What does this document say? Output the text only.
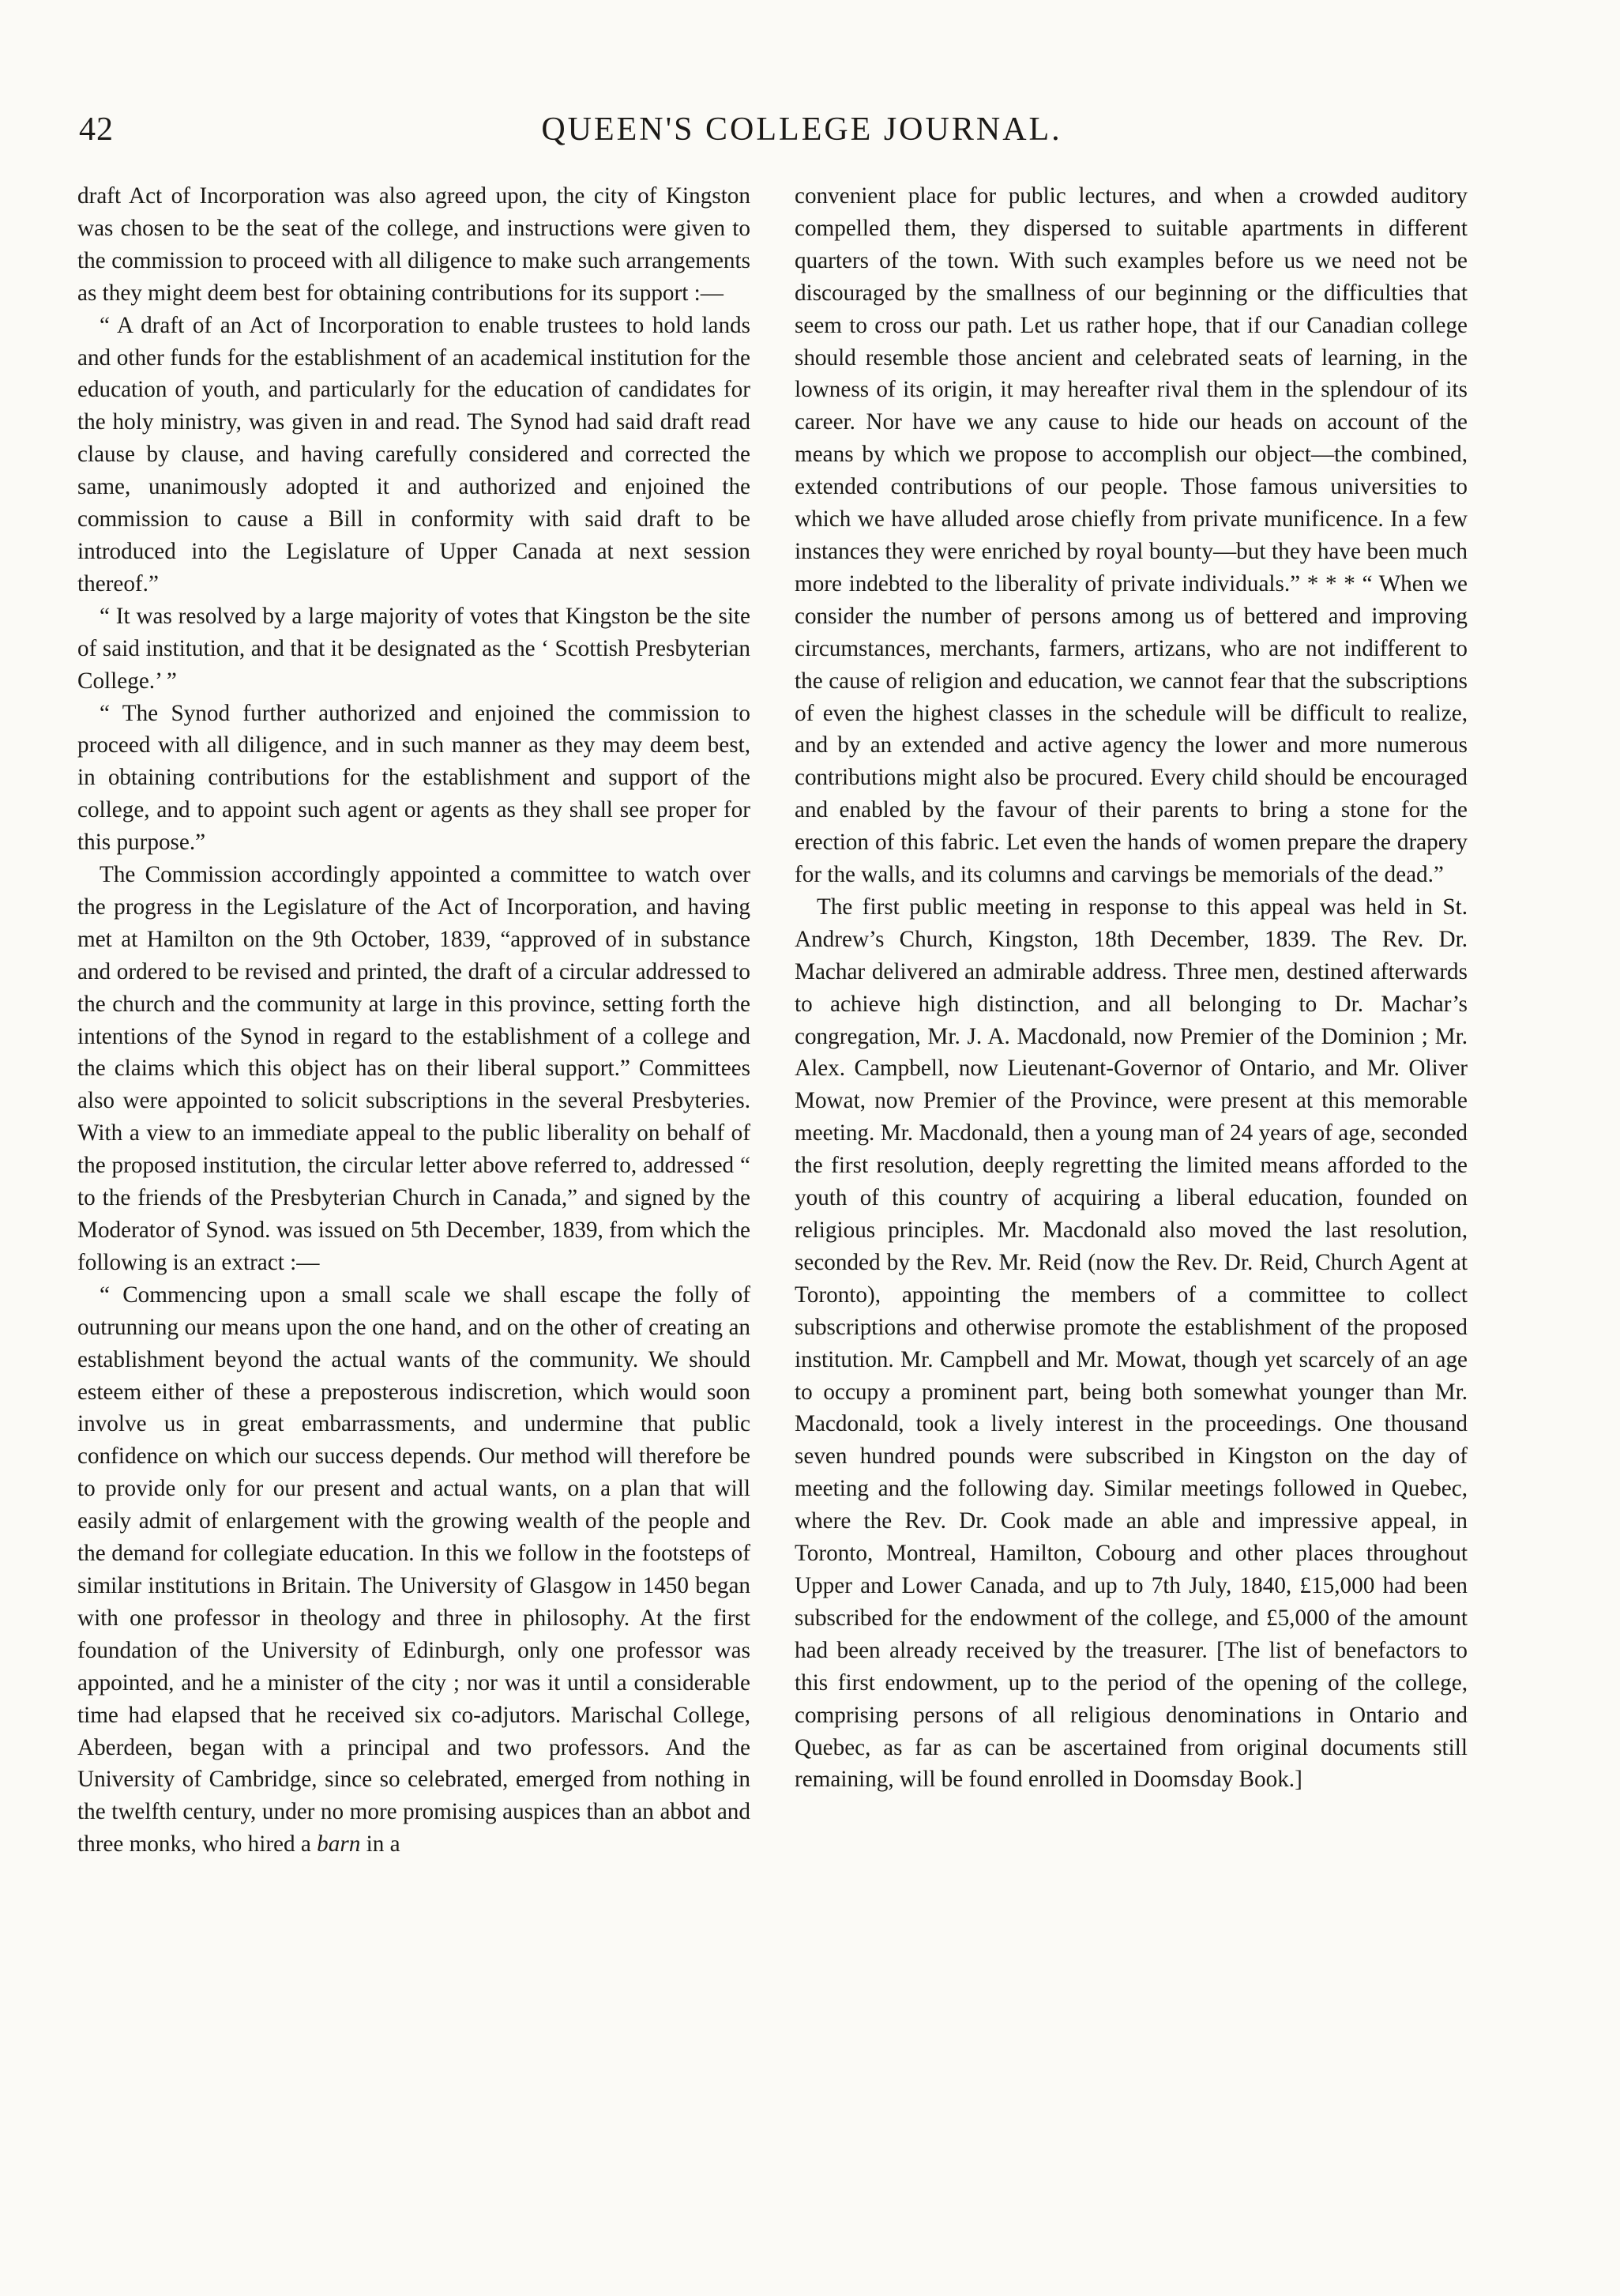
42	QUEEN'S COLLEGE JOURNAL.

draft Act of Incorporation was also agreed upon, the city of Kingston was chosen to be the seat of the college, and instructions were given to the commission to proceed with all diligence to make such arrangements as they might deem best for obtaining contributions for its support :—

“ A draft of an Act of Incorporation to enable trustees to hold lands and other funds for the establishment of an academical institution for the education of youth, and particularly for the education of candidates for the holy ministry, was given in and read. The Synod had said draft read clause by clause, and having carefully considered and corrected the same, unanimously adopted it and authorized and enjoined the commission to cause a Bill in conformity with said draft to be introduced into the Legislature of Upper Canada at next session thereof.”

“ It was resolved by a large majority of votes that Kingston be the site of said institution, and that it be designated as the ‘ Scottish Presbyterian College.’ ”

“ The Synod further authorized and enjoined the commission to proceed with all diligence, and in such manner as they may deem best, in obtaining contributions for the establishment and support of the college, and to appoint such agent or agents as they shall see proper for this purpose.”

The Commission accordingly appointed a committee to watch over the progress in the Legislature of the Act of Incorporation, and having met at Hamilton on the 9th October, 1839, “approved of in substance and ordered to be revised and printed, the draft of a circular addressed to the church and the community at large in this province, setting forth the intentions of the Synod in regard to the establishment of a college and the claims which this object has on their liberal support.” Committees also were appointed to solicit subscriptions in the several Presbyteries. With a view to an immediate appeal to the public liberality on behalf of the proposed institution, the circular letter above referred to, addressed “ to the friends of the Presbyterian Church in Canada,” and signed by the Moderator of Synod. was issued on 5th December, 1839, from which the following is an extract :—

“ Commencing upon a small scale we shall escape the folly of outrunning our means upon the one hand, and on the other of creating an establishment beyond the actual wants of the community. We should esteem either of these a preposterous indiscretion, which would soon involve us in great embarrassments, and undermine that public confidence on which our success depends. Our method will therefore be to provide only for our present and actual wants, on a plan that will easily admit of enlargement with the growing wealth of the people and the demand for collegiate education. In this we follow in the footsteps of similar institutions in Britain. The University of Glasgow in 1450 began with one professor in theology and three in philosophy. At the first foundation of the University of Edinburgh, only one professor was appointed, and he a minister of the city ; nor was it until a considerable time had elapsed that he received six co-adjutors. Marischal College, Aberdeen, began with a principal and two professors. And the University of Cambridge, since so celebrated, emerged from nothing in the twelfth century, under no more promising auspices than an abbot and three monks, who hired a barn in a

convenient place for public lectures, and when a crowded auditory compelled them, they dispersed to suitable apartments in different quarters of the town. With such examples before us we need not be discouraged by the smallness of our beginning or the difficulties that seem to cross our path. Let us rather hope, that if our Canadian college should resemble those ancient and celebrated seats of learning, in the lowness of its origin, it may hereafter rival them in the splendour of its career. Nor have we any cause to hide our heads on account of the means by which we propose to accomplish our object—the combined, extended contributions of our people. Those famous universities to which we have alluded arose chiefly from private munificence. In a few instances they were enriched by royal bounty—but they have been much more indebted to the liberality of private individuals.” * * * “ When we consider the number of persons among us of bettered and improving circumstances, merchants, farmers, artizans, who are not indifferent to the cause of religion and education, we cannot fear that the subscriptions of even the highest classes in the schedule will be difficult to realize, and by an extended and active agency the lower and more numerous contributions might also be procured. Every child should be encouraged and enabled by the favour of their parents to bring a stone for the erection of this fabric. Let even the hands of women prepare the drapery for the walls, and its columns and carvings be memorials of the dead.”

The first public meeting in response to this appeal was held in St. Andrew’s Church, Kingston, 18th December, 1839. The Rev. Dr. Machar delivered an admirable address. Three men, destined afterwards to achieve high distinction, and all belonging to Dr. Machar’s congregation, Mr. J. A. Macdonald, now Premier of the Dominion ; Mr. Alex. Campbell, now Lieutenant-Governor of Ontario, and Mr. Oliver Mowat, now Premier of the Province, were present at this memorable meeting. Mr. Macdonald, then a young man of 24 years of age, seconded the first resolution, deeply regretting the limited means afforded to the youth of this country of acquiring a liberal education, founded on religious principles. Mr. Macdonald also moved the last resolution, seconded by the Rev. Mr. Reid (now the Rev. Dr. Reid, Church Agent at Toronto), appointing the members of a committee to collect subscriptions and otherwise promote the establishment of the proposed institution. Mr. Campbell and Mr. Mowat, though yet scarcely of an age to occupy a prominent part, being both somewhat younger than Mr. Macdonald, took a lively interest in the proceedings. One thousand seven hundred pounds were subscribed in Kingston on the day of meeting and the following day. Similar meetings followed in Quebec, where the Rev. Dr. Cook made an able and impressive appeal, in Toronto, Montreal, Hamilton, Cobourg and other places throughout Upper and Lower Canada, and up to 7th July, 1840, £15,000 had been subscribed for the endowment of the college, and £5,000 of the amount had been already received by the treasurer. [The list of benefactors to this first endowment, up to the period of the opening of the college, comprising persons of all religious denominations in Ontario and Quebec, as far as can be ascertained from original documents still remaining, will be found enrolled in Doomsday Book.]
